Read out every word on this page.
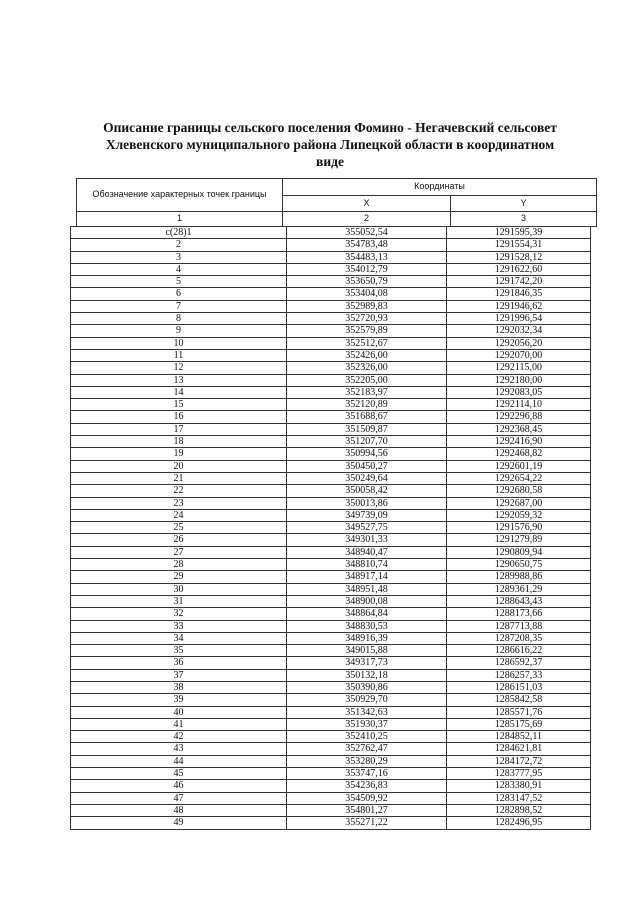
Описание границы сельского поселения Фомино - Негачевский сельсовет
Хлевенского муниципального района Липецкой области в координатном
виде
Обозначение характерных точек границы	Координаты	
	X	Y
1	2	3
с(28)1	355052,54	1291595,39
2	354783,48	1291554,31
3	354483,13	1291528,12
4	354012,79	1291622,60
5	353650,79	1291742,20
6	353404,08	1291846,35
7	352989,83	1291946,62
8	352720,93	1291996,54
9	352579,89	1292032,34
10	352512,67	1292056,20
11	352426,00	1292070,00
12	352326,00	1292115,00
13	352205,00	1292180,00
14	352183,97	1292083,05
15	352120,89	1292114,10
16	351688,67	1292296,88
17	351509,87	1292368,45
18	351207,70	1292416,90
19	350994,56	1292468,82
20	350450,27	1292601,19
21	350249,64	1292654,22
22	350058,42	1292680,58
23	350013,86	1292687,00
24	349739,09	1292059,32
25	349527,75	1291576,90
26	349301,33	1291279,89
27	348940,47	1290809,94
28	348810,74	1290650,75
29	348917,14	1289988,86
30	348951,48	1289361,29
31	348900,08	1288643,43
32	348864,84	1288173,66
33	348830,53	1287713,88
34	348916,39	1287208,35
35	349015,88	1286616,22
36	349317,73	1286592,37
37	350132,18	1286257,33
38	350390,86	1286151,03
39	350929,70	1285842,58
40	351342,63	1285571,76
41	351930,37	1285175,69
42	352410,25	1284852,11
43	352762,47	1284621,81
44	353280,29	1284172,72
45	353747,16	1283777,95
46	354236,83	1283380,91
47	354509,92	1283147,52
48	354801,27	1282898,52
49	355271,22	1282496,95
